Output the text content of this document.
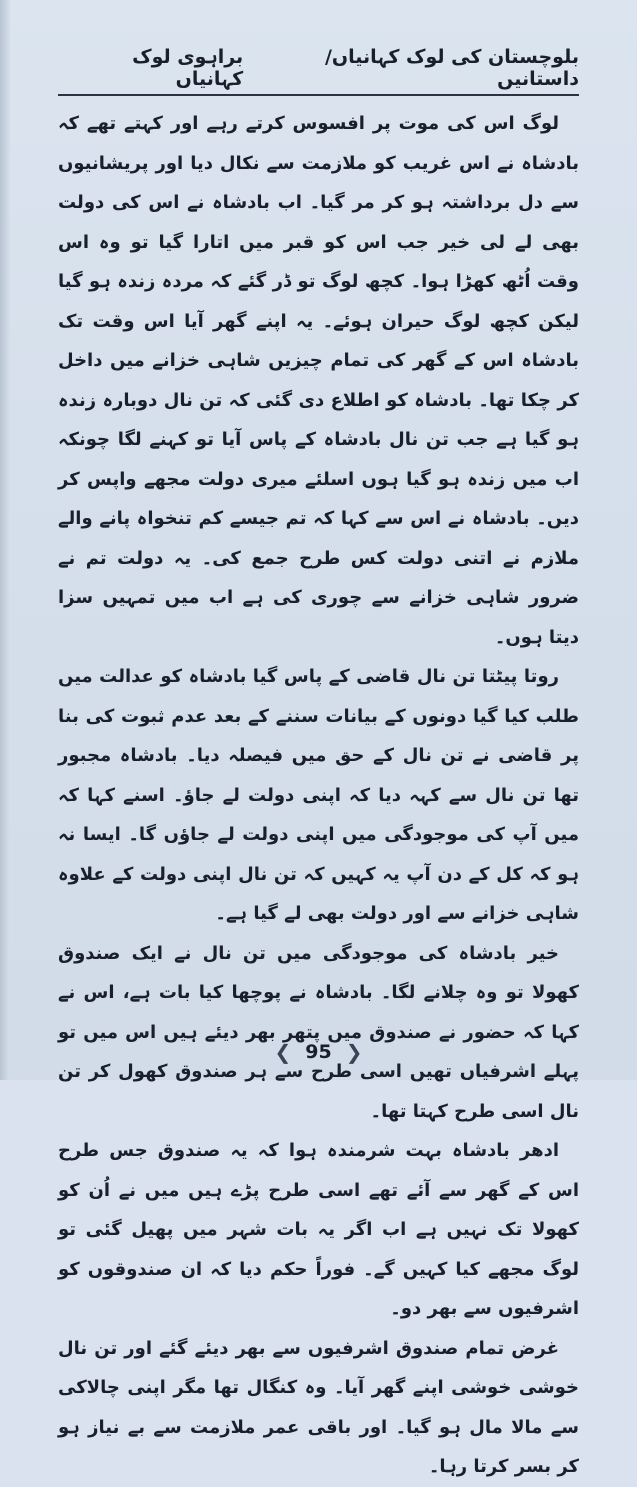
بلوچستان کی لوک کہانیاں/داستانیں
براہوی لوک کہانیاں

لوگ اس کی موت پر افسوس کرتے رہے اور کہتے تھے کہ بادشاہ نے اس غریب کو ملازمت سے نکال دیا اور پریشانیوں سے دل برداشتہ ہو کر مر گیا۔ اب بادشاہ نے اس کی دولت بھی لے لی خیر جب اس کو قبر میں اتارا گیا تو وہ اس وقت اُٹھ کھڑا ہوا۔ کچھ لوگ تو ڈر گئے کہ مردہ زندہ ہو گیا لیکن کچھ لوگ حیران ہوئے۔ یہ اپنے گھر آیا اس وقت تک بادشاہ اس کے گھر کی تمام چیزیں شاہی خزانے میں داخل کر چکا تھا۔ بادشاہ کو اطلاع دی گئی کہ تن نال دوبارہ زندہ ہو گیا ہے جب تن نال بادشاہ کے پاس آیا تو کہنے لگا چونکہ اب میں زندہ ہو گیا ہوں اسلئے میری دولت مجھے واپس کر دیں۔ بادشاہ نے اس سے کہا کہ تم جیسے کم تنخواہ پانے والے ملازم نے اتنی دولت کس طرح جمع کی۔ یہ دولت تم نے ضرور شاہی خزانے سے چوری کی ہے اب میں تمہیں سزا دیتا ہوں۔

روتا پیٹتا تن نال قاضی کے پاس گیا بادشاہ کو عدالت میں طلب کیا گیا دونوں کے بیانات سننے کے بعد عدم ثبوت کی بنا پر قاضی نے تن نال کے حق میں فیصلہ دیا۔ بادشاہ مجبور تھا تن نال سے کہہ دیا کہ اپنی دولت لے جاؤ۔ اسنے کہا کہ میں آپ کی موجودگی میں اپنی دولت لے جاؤں گا۔ ایسا نہ ہو کہ کل کے دن آپ یہ کہیں کہ تن نال اپنی دولت کے علاوہ شاہی خزانے سے اور دولت بھی لے گیا ہے۔

خیر بادشاہ کی موجودگی میں تن نال نے ایک صندوق کھولا تو وہ چلانے لگا۔ بادشاہ نے پوچھا کیا بات ہے، اس نے کہا کہ حضور نے صندوق میں پتھر بھر دیئے ہیں اس میں تو پہلے اشرفیاں تھیں اسی طرح سے ہر صندوق کھول کر تن نال اسی طرح کہتا تھا۔

ادھر بادشاہ بہت شرمندہ ہوا کہ یہ صندوق جس طرح اس کے گھر سے آئے تھے اسی طرح پڑے ہیں میں نے اُن کو کھولا تک نہیں ہے اب اگر یہ بات شہر میں پھیل گئی تو لوگ مجھے کیا کہیں گے۔ فوراً حکم دیا کہ ان صندوقوں کو اشرفیوں سے بھر دو۔

غرض تمام صندوق اشرفیوں سے بھر دیئے گئے اور تن نال خوشی خوشی اپنے گھر آیا۔ وہ کنگال تھا مگر اپنی چالاکی سے مالا مال ہو گیا۔ اور باقی عمر ملازمت سے بے نیاز ہو کر بسر کرتا رہا۔

❮ 95 ❯
